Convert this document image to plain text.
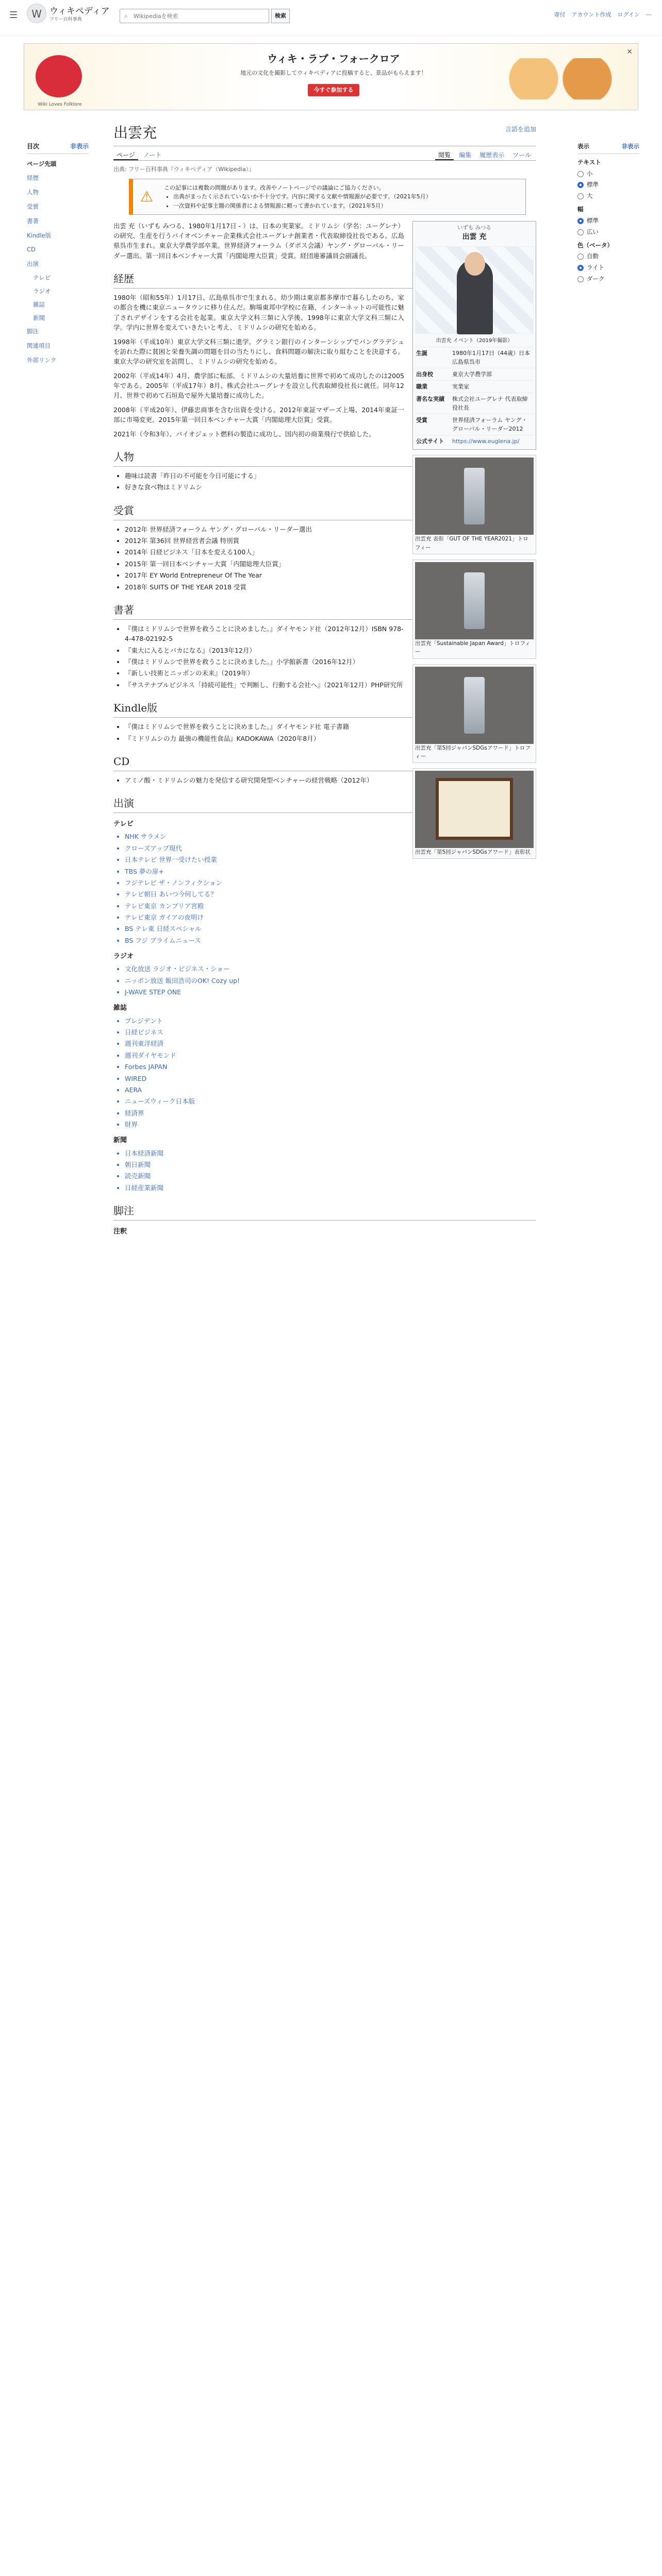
☰	W ウィキペディア
フリー百科事典	⌕ Wikipediaを検索	検索	寄付 アカウント作成 ログイン ⋯
Wiki Loves Folklore
ウィキ・ラブ・フォークロア
地元の文化を撮影してウィキペディアに投稿すると、景品がもらえます！
今すぐ参加する
✕
目次	非表示
ページ先頭
経歴
人物
受賞
書著
Kindle版
CD
出演
テレビ
ラジオ
雑誌
新聞
脚注
関連項目
外部リンク
表示	非表示
テキスト
小
標準
大
幅
標準
広い
色（ベータ）
自動
ライト
ダーク
出雲充	言語を追加
ページ	ノート	閲覧	編集	履歴表示	ツール
出典: フリー百科事典『ウィキペディア（Wikipedia）』
⚠
この記事には複数の問題があります。改善やノートページでの議論にご協力ください。
• 出典がまったく示されていないか不十分です。内容に関する文献や情報源が必要です。（2021年5月）
• 一次資料や記事主題の関係者による情報源に頼って書かれています。（2021年5月）
いずも みつる
出雲 充
出雲充 イベント（2019年撮影）
生誕	1980年1月17日（44歳）日本 広島県呉市
出身校	東京大学農学部
職業	実業家
著名な実績	株式会社ユーグレナ 代表取締役社長
受賞	世界経済フォーラム ヤング・グローバル・リーダー2012
公式サイト	https://www.euglena.jp/

出雲 充（いずも みつる、1980年1月17日 - ）は、日本の実業家。ミドリムシ（学名：ユーグレナ）の研究、生産を行うバイオベンチャー企業株式会社ユーグレナ創業者・代表取締役社長である。広島県呉市生まれ。東京大学農学部卒業。世界経済フォーラム（ダボス会議）ヤング・グローバル・リーダー選出。第一回日本ベンチャー大賞「内閣総理大臣賞」受賞。経団連審議員会副議長。

経歴
出雲充 表彰「GUT OF THE YEAR2021」トロフィー
出雲充「Sustainable Japan Award」トロフィー
出雲充「第5回ジャパンSDGsアワード」トロフィー
出雲充「第5回ジャパンSDGsアワード」表彰状

1980年（昭和55年）1月17日、広島県呉市で生まれる。幼少期は東京都多摩市で暮らしたのち、家の都合を機に東京ニュータウンに移り住んだ。駒場東邦中学校に在籍、インターネットの可能性に魅了されデザインをする会社を起業。東京大学文科三類に入学後、1998年に東京大学文科三類に入学。学内に世界を変えていきたいと考え、ミドリムシの研究を始める。

1998年（平成10年）東京大学文科三類に進学。グラミン銀行のインターンシップでバングラデシュを訪れた際に貧困と栄養失調の問題を目の当たりにし、食料問題の解決に取り組むことを決意する。東京大学の研究室を訪問し、ミドリムシの研究を始める。

2002年（平成14年）4月、農学部に転部。ミドリムシの大量培養に世界で初めて成功したのは2005年である。2005年（平成17年）8月、株式会社ユーグレナを設立し代表取締役社長に就任。同年12月、世界で初めて石垣島で屋外大量培養に成功した。

2008年（平成20年）、伊藤忠商事を含む出資を受ける。2012年東証マザーズ上場、2014年東証一部に市場変更。2015年第一回日本ベンチャー大賞「内閣総理大臣賞」受賞。

2021年（令和3年）、バイオジェット燃料の製造に成功し、国内初の商業飛行で供給した。

人物
• 趣味は読書「昨日の不可能を今日可能にする」
• 好きな食べ物はミドリムシ
受賞
• 2012年 世界経済フォーラム ヤング・グローバル・リーダー選出
• 2012年 第36回 世界経営者会議 特別賞
• 2014年 日経ビジネス「日本を変える100人」
• 2015年 第一回日本ベンチャー大賞「内閣総理大臣賞」
• 2017年 EY World Entrepreneur Of The Year
• 2018年 SUITS OF THE YEAR 2018 受賞
書著
• 『僕はミドリムシで世界を救うことに決めました。』ダイヤモンド社（2012年12月）ISBN 978-4-478-02192-5
• 『東大に入るとバカになる』（2013年12月）
• 『僕はミドリムシで世界を救うことに決めました。』小学館新書（2016年12月）
• 『新しい技術とニッポンの未来』（2019年）
• 『サステナブルビジネス「持続可能性」で判断し、行動する会社へ』（2021年12月）PHP研究所
Kindle版
• 『僕はミドリムシで世界を救うことに決めました。』ダイヤモンド社 電子書籍
• 『ミドリムシの力 最強の機能性食品』KADOKAWA（2020年8月）
CD
• アミノ酸・ミドリムシの魅力を発信する研究開発型ベンチャーの経営戦略（2012年）
出演
テレビ
• NHK サラメシ
• クローズアップ現代
• 日本テレビ 世界一受けたい授業
• TBS 夢の扉+
• フジテレビ ザ・ノンフィクション
• テレビ朝日 あいつ今何してる？
• テレビ東京 カンブリア宮殿
• テレビ東京 ガイアの夜明け
• BS テレ東 日経スペシャル
• BS フジ プライムニュース
ラジオ
• 文化放送 ラジオ・ビジネス・ショー
• ニッポン放送 飯田浩司のOK! Cozy up!
• J-WAVE STEP ONE
雑誌
• プレジデント
• 日経ビジネス
• 週刊東洋経済
• 週刊ダイヤモンド
• Forbes JAPAN
• WIRED
• AERA
• ニューズウィーク日本版
• 経済界
• 財界
新聞
• 日本経済新聞
• 朝日新聞
• 読売新聞
• 日経産業新聞
脚注
注釈
